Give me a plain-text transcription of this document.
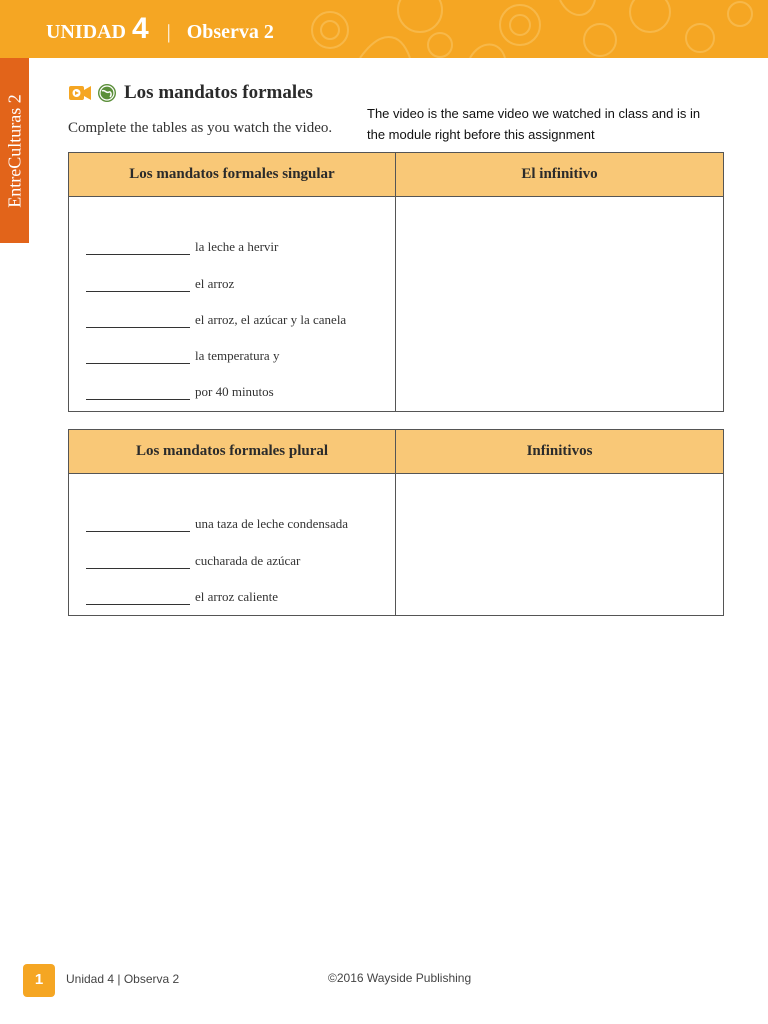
UNIDAD 4 | Observa 2
EntreCulturas 2
Los mandatos formales
Complete the tables as you watch the video.
The video is the same video we watched in class and is in the module right before this assignment
Los mandatos formales singular	El infinitivo

la leche a hervir
el arroz
el arroz, el azúcar y la canela
la temperatura y
por 40 minutos	

Los mandatos formales plural	Infinitivos

una taza de leche condensada
cucharada de azúcar
el arroz caliente	

1	Unidad 4 | Observa 2	©2016 Wayside Publishing
